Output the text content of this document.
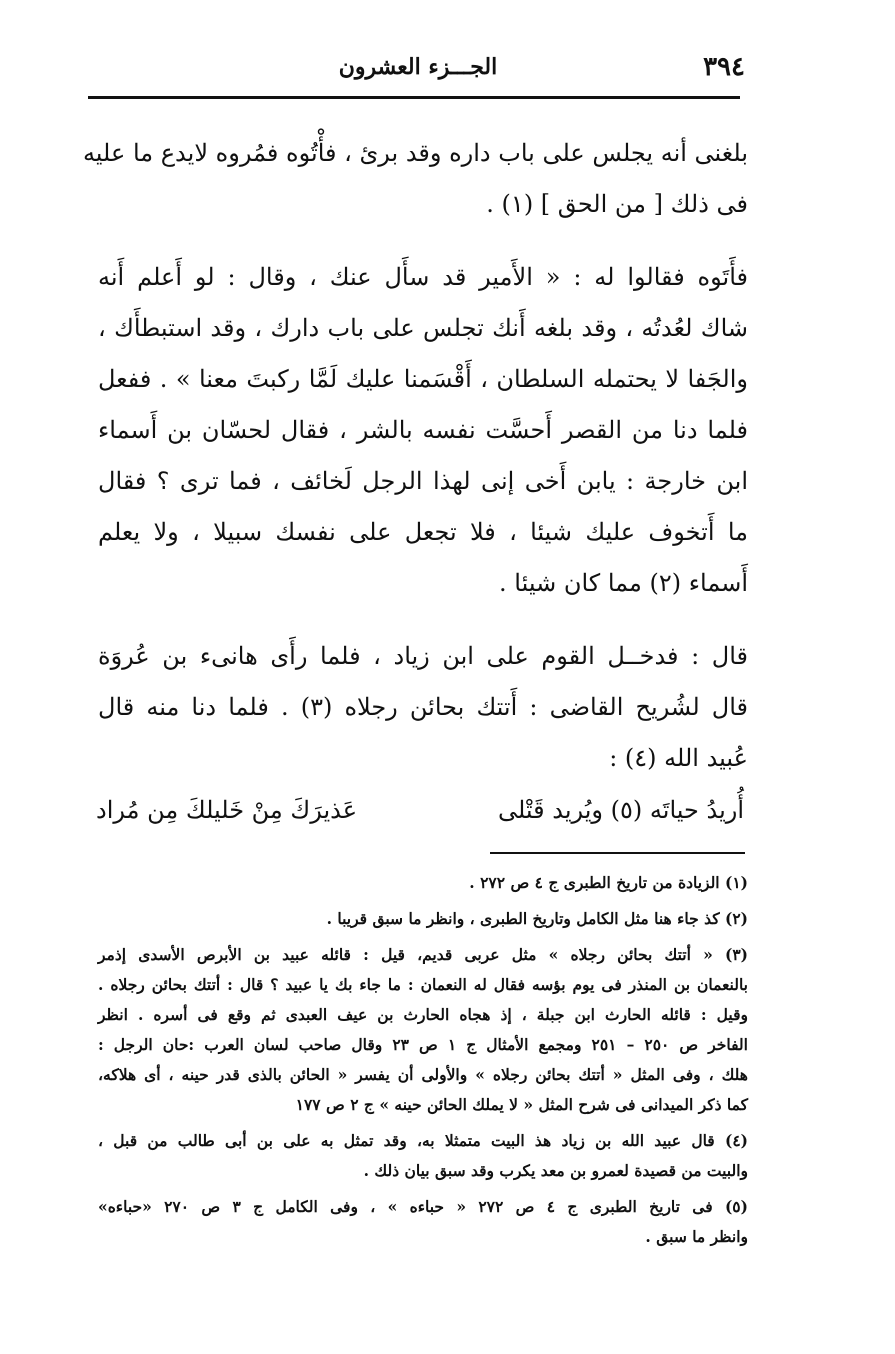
٣٩٤
الجـــزء العشرون
بلغنى أنه يجلس على باب داره وقد برئ ، فأْتُوه فمُروه لايدع ما عليه
فى ذلك [ من الحق ] (١) .
فأَتَوه فقالوا له : « الأَمير قد سأَل عنك ، وقال : لو أَعلم أَنه
شاك لعُدتُه ، وقد بلغه أَنك تجلس على باب دارك ، وقد استبطأَك ،
والجَفا لا يحتمله السلطان ، أَقْسَمنا عليك لَمَّا ركبتَ معنا » . ففعل
فلما دنا من القصر أَحسَّت نفسه بالشر ، فقال لحسّان بن أَسماء
ابن خارجة : يابن أَخى إنى لهذا الرجل لَخائف ، فما ترى ؟ فقال
ما أَتخوف عليك شيئا ، فلا تجعل على نفسك سبيلا ، ولا يعلم
أَسماء (٢) مما كان شيئا .
قال : فدخــل القوم على ابن زياد ، فلما رأَى هانىء بن عُروَة
قال لشُريح القاضى : أَتتك بحائن رجلاه (٣) . فلما دنا منه قال
عُبيد الله (٤) :
أُريدُ حياتَه (٥) ويُريد قَتْلى
عَذيرَكَ مِنْ خَليلكَ مِن مُراد
(١) الزيادة من تاريخ الطبرى ج ٤ ص ٢٧٢ .
(٢) كذ جاء هنا مثل الكامل وتاريخ الطبرى ، وانظر ما سبق قريبا .
(٣) « أتتك بحائن رجلاه » مثل عربى قديم، قيل : قائله عبيد بن الأبرص الأسدى إذمر
بالنعمان بن المنذر فى يوم بؤسه فقال له النعمان : ما جاء بك يا عبيد ؟ قال : أتتك بحائن رجلاه .
وقيل : قائله الحارث ابن جبلة ، إذ هجاه الحارث بن عيف العبدى ثم وقع فى أسره . انظر
الفاخر ص ٢٥٠ – ٢٥١ ومجمع الأمثال ج ١ ص ٢٣ وقال صاحب لسان العرب :حان الرجل :
هلك ، وفى المثل « أتتك بحائن رجلاه » والأولى أن يفسر « الحائن بالذى قدر حينه ، أى هلاكه،
كما ذكر الميدانى فى شرح المثل « لا يملك الحائن حينه » ج ٢ ص ١٧٧
(٤) قال عبيد الله بن زياد هذ البيت متمثلا به، وقد تمثل به على بن أبى طالب من قبل ،
والبيت من قصيدة لعمرو بن معد يكرب وقد سبق بيان ذلك .
(٥) فى تاريخ الطبرى ج ٤ ص ٢٧٢ « حباءه » ، وفى الكامل ج ٣ ص ٢٧٠ «حباءه»
وانظر ما سبق .
